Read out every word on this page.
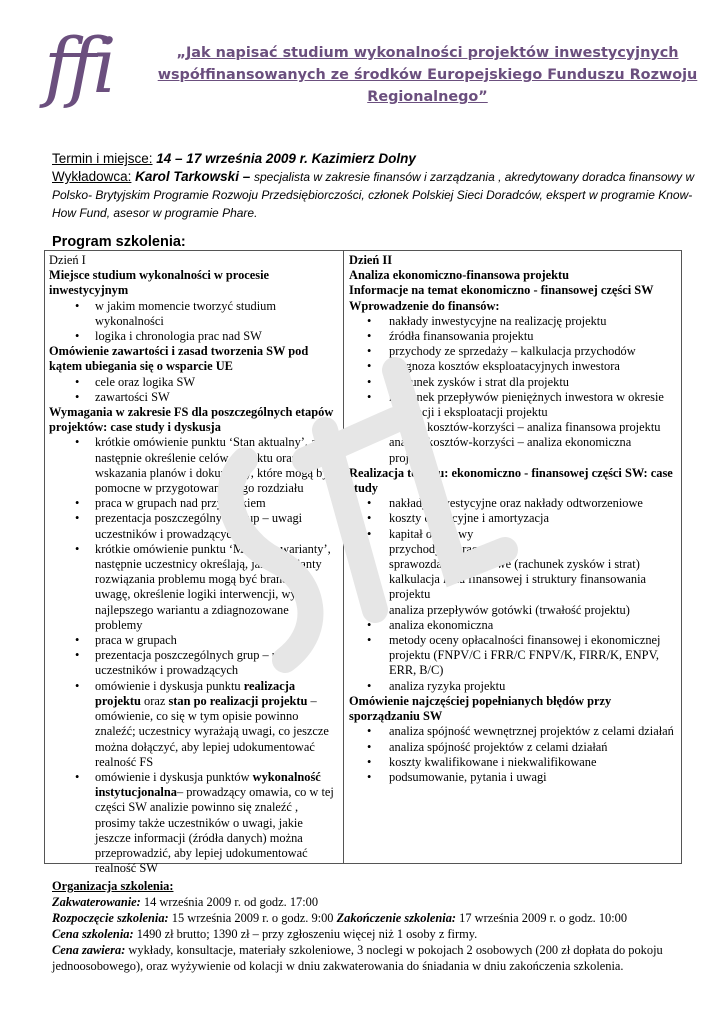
ffi	„Jak napisać studium wykonalności projektów inwestycyjnych współfinansowanych ze środków Europejskiego Funduszu Rozwoju Regionalnego”
Termin i miejsce: 14 – 17 września 2009 r. Kazimierz Dolny
Wykładowca: Karol Tarkowski – specjalista w zakresie finansów i zarządzania , akredytowany doradca finansowy w Polsko- Brytyjskim Programie Rozwoju Przedsiębiorczości, członek Polskiej Sieci Doradców, ekspert w programie Know-How Fund, asesor w programie Phare.
Program szkolenia:
Dzień I
Miejsce studium wykonalności w procesie inwestycyjnym
• w jakim momencie tworzyć studium wykonalności
• logika i chronologia prac nad SW
Omówienie zawartości i zasad tworzenia SW pod kątem ubiegania się o wsparcie UE
• cele oraz logika SW
• zawartości SW
Wymagania w zakresie FS dla poszczególnych etapów projektów: case study i dyskusja
• krótkie omówienie punktu ‘Stan aktualny’, a następnie określenie celów projektu oraz wskazania planów i dokumenty, które mogą być pomocne w przygotowaniu tego rozdziału
• praca w grupach nad przypadkiem
• prezentacja poszczególnych grup – uwagi uczestników i prowadzących
• krótkie omówienie punktu ‘Możliwe warianty’, następnie uczestnicy określają, jakie warianty rozwiązania problemu mogą być brane pod uwagę, określenie logiki interwencji, wybór najlepszego wariantu a zdiagnozowane problemy
• praca w grupach
• prezentacja poszczególnych grup – uwagi uczestników i prowadzących
• omówienie i dyskusja punktu realizacja projektu oraz stan po realizacji projektu – omówienie, co się w tym opisie powinno znaleźć; uczestnicy wyrażają uwagi, co jeszcze można dołączyć, aby lepiej udokumentować realność FS
• omówienie i dyskusja punktów wykonalność instytucjonalna– prowadzący omawia, co w tej części SW analizie powinno się znaleźć , prosimy także uczestników o uwagi, jakie jeszcze informacji (źródła danych) można przeprowadzić, aby lepiej udokumentować realność SW
Dzień II
Analiza ekonomiczno-finansowa projektu
Informacje na temat ekonomiczno - finansowej części SW
Wprowadzenie do finansów:
• nakłady inwestycyjne na realizację projektu
• źródła finansowania projektu
• przychody ze sprzedaży – kalkulacja przychodów
• prognoza kosztów eksploatacyjnych inwestora
• rachunek zysków i strat dla projektu
• rachunek przepływów pieniężnych inwestora w okresie realizacji i eksploatacji projektu
• analiza kosztów-korzyści – analiza finansowa projektu
• analiza kosztów-korzyści – analiza ekonomiczna projektu
Realizacja tematu: ekonomiczno - finansowej części SW: case study
• nakłady inwestycyjne oraz nakłady odtworzeniowe
• koszty operacyjne i amortyzacja
• kapitał obrotowy
• przychody operacyjne
• sprawozdania finansowe (rachunek zysków i strat)
• kalkulacja luku finansowej i struktury finansowania projektu
• analiza przepływów gotówki (trwałość projektu)
• analiza ekonomiczna
• metody oceny opłacalności finansowej i ekonomicznej projektu (FNPV/C i FRR/C FNPV/K, FIRR/K, ENPV, ERR, B/C)
• analiza ryzyka projektu
Omówienie najczęściej popełnianych błędów przy sporządzaniu SW
• analiza spójność wewnętrznej projektów z celami działań
• analiza spójność projektów z celami działań
• koszty kwalifikowane i niekwalifikowane
• podsumowanie, pytania i uwagi
Organizacja szkolenia:
Zakwaterowanie: 14 września 2009 r. od godz. 17:00
Rozpoczęcie szkolenia: 15 września 2009 r. o godz. 9:00 Zakończenie szkolenia: 17 września 2009 r. o godz. 10:00
Cena szkolenia: 1490 zł brutto; 1390 zł – przy zgłoszeniu więcej niż 1 osoby z firmy.
Cena zawiera: wykłady, konsultacje, materiały szkoleniowe, 3 noclegi w pokojach 2 osobowych (200 zł dopłata do pokoju jednoosobowego), oraz wyżywienie od kolacji w dniu zakwaterowania do śniadania w dniu zakończenia szkolenia.
